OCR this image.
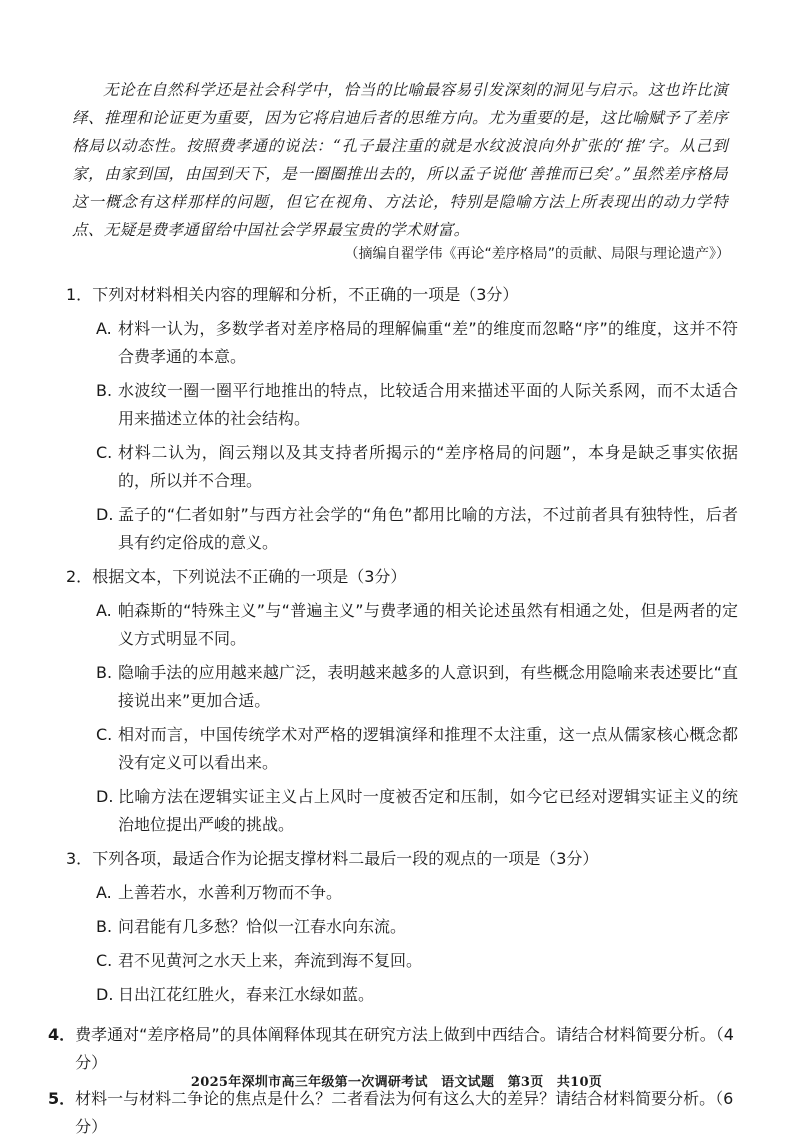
无论在自然科学还是社会科学中，恰当的比喻最容易引发深刻的洞见与启示。这也许比演绎、推理和论证更为重要，因为它将启迪后者的思维方向。尤为重要的是，这比喻赋予了差序格局以动态性。按照费孝通的说法：“孔子最注重的就是水纹波浪向外扩张的‘推’字。从己到家，由家到国，由国到天下，是一圈圈推出去的，所以孟子说他‘善推而已矣’。”虽然差序格局这一概念有这样那样的问题，但它在视角、方法论，特别是隐喻方法上所表现出的动力学特点、无疑是费孝通留给中国社会学界最宝贵的学术财富。

（摘编自翟学伟《再论“差序格局”的贡献、局限与理论遗产》）

1． 下列对材料相关内容的理解和分析，不正确的一项是（3分）
A. 材料一认为，多数学者对差序格局的理解偏重“差”的维度而忽略“序”的维度，这并不符合费孝通的本意。
B. 水波纹一圈一圈平行地推出的特点，比较适合用来描述平面的人际关系网，而不太适合用来描述立体的社会结构。
C. 材料二认为，阎云翔以及其支持者所揭示的“差序格局的问题”，本身是缺乏事实依据的，所以并不合理。
D. 孟子的“仁者如射”与西方社会学的“角色”都用比喻的方法，不过前者具有独特性，后者具有约定俗成的意义。
2． 根据文本，下列说法不正确的一项是（3分）
A. 帕森斯的“特殊主义”与“普遍主义”与费孝通的相关论述虽然有相通之处，但是两者的定义方式明显不同。
B. 隐喻手法的应用越来越广泛，表明越来越多的人意识到，有些概念用隐喻来表述要比“直接说出来”更加合适。
C. 相对而言，中国传统学术对严格的逻辑演绎和推理不太注重，这一点从儒家核心概念都没有定义可以看出来。
D. 比喻方法在逻辑实证主义占上风时一度被否定和压制，如今它已经对逻辑实证主义的统治地位提出严峻的挑战。
3． 下列各项，最适合作为论据支撑材料二最后一段的观点的一项是（3分）
A. 上善若水，水善利万物而不争。
B. 问君能有几多愁？恰似一江春水向东流。
C. 君不见黄河之水天上来，奔流到海不复回。
D. 日出江花红胜火，春来江水绿如蓝。
4． 费孝通对“差序格局”的具体阐释体现其在研究方法上做到中西结合。请结合材料简要分析。（4分）
5． 材料一与材料二争论的焦点是什么？二者看法为何有这么大的差异？请结合材料简要分析。（6分）
2025年深圳市高三年级第一次调研考试　语文试题　第3页　共10页
